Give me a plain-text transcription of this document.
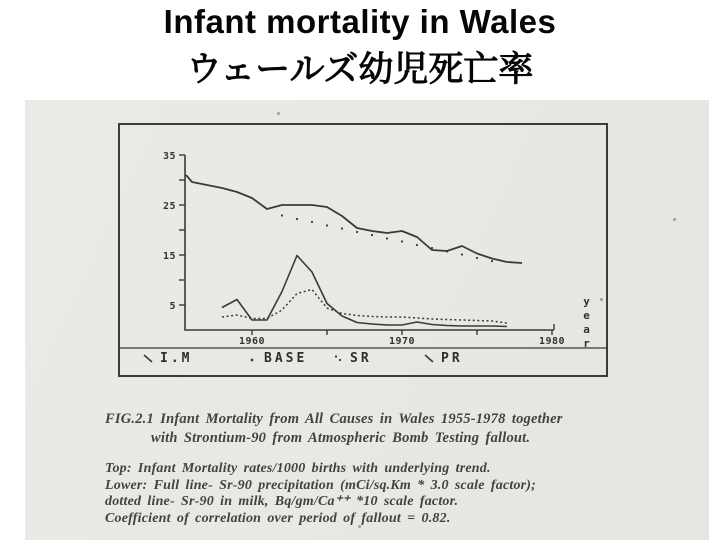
Infant mortality in Wales
ウェールズ幼児死亡率
35
25
15
5
1960	1970	1980 year
I.M	BASE	SR	PR
FIG.2.1 Infant Mortality from All Causes in Wales 1955-1978 together
with Strontium-90 from Atmospheric Bomb Testing fallout.
Top: Infant Mortality rates/1000 births with underlying trend.
Lower: Full line- Sr-90 precipitation (mCi/sq.Km * 3.0 scale factor);
dotted line- Sr-90 in milk, Bq/gm/Ca⁺⁺ *10 scale factor.
Coefficient of correlation over period of fallout = 0.82.
